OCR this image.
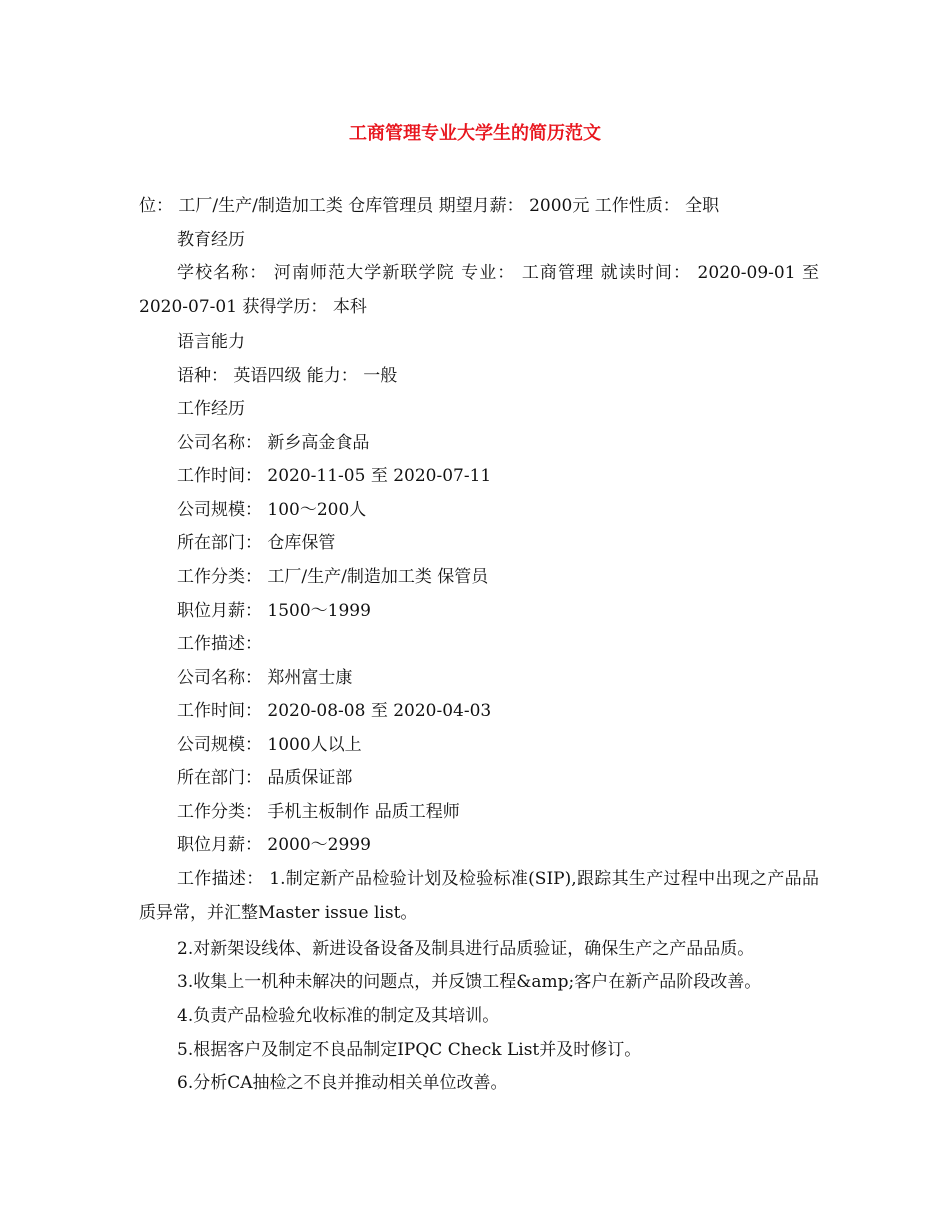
工商管理专业大学生的简历范文
位： 工厂/生产/制造加工类 仓库管理员 期望月薪： 2000元 工作性质： 全职
教育经历

学校名称： 河南师范大学新联学院 专业： 工商管理 就读时间： 2020-09-01 至 2020-07-01 获得学历： 本科

语言能力
语种： 英语四级 能力： 一般
工作经历
公司名称： 新乡高金食品
工作时间： 2020-11-05 至 2020-07-11
公司规模： 100～200人
所在部门： 仓库保管
工作分类： 工厂/生产/制造加工类 保管员
职位月薪： 1500～1999
工作描述：
公司名称： 郑州富士康
工作时间： 2020-08-08 至 2020-04-03
公司规模： 1000人以上
所在部门： 品质保证部
工作分类： 手机主板制作 品质工程师
职位月薪： 2000～2999

工作描述： 1.制定新产品检验计划及检验标准(SIP),跟踪其生产过程中出现之产品品质异常，并汇整Master issue list。

2.对新架设线体、新进设备设备及制具进行品质验证，确保生产之产品品质。
3.收集上一机种未解决的问题点，并反馈工程&amp;客户在新产品阶段改善。
4.负责产品检验允收标准的制定及其培训。
5.根据客户及制定不良品制定IPQC Check List并及时修订。
6.分析CA抽检之不良并推动相关单位改善。
